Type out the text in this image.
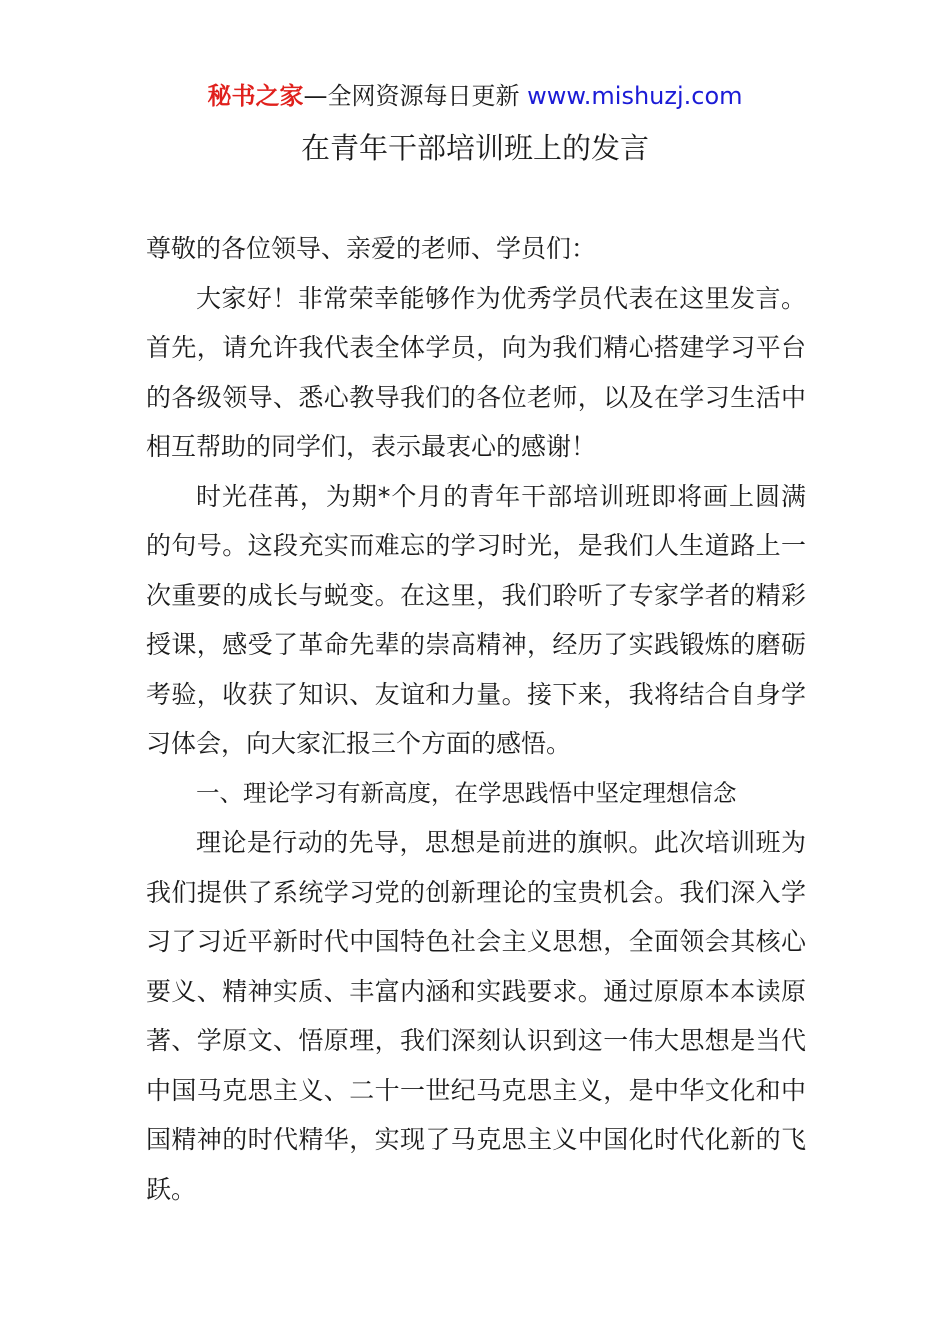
秘书之家—全网资源每日更新 www.mishuzj.com
在青年干部培训班上的发言

尊敬的各位领导、亲爱的老师、学员们：

大家好！非常荣幸能够作为优秀学员代表在这里发言。首先，请允许我代表全体学员，向为我们精心搭建学习平台的各级领导、悉心教导我们的各位老师，以及在学习生活中相互帮助的同学们，表示最衷心的感谢！

时光荏苒，为期*个月的青年干部培训班即将画上圆满的句号。这段充实而难忘的学习时光，是我们人生道路上一次重要的成长与蜕变。在这里，我们聆听了专家学者的精彩授课，感受了革命先辈的崇高精神，经历了实践锻炼的磨砺考验，收获了知识、友谊和力量。接下来，我将结合自身学习体会，向大家汇报三个方面的感悟。

一、理论学习有新高度，在学思践悟中坚定理想信念

理论是行动的先导，思想是前进的旗帜。此次培训班为我们提供了系统学习党的创新理论的宝贵机会。我们深入学习了习近平新时代中国特色社会主义思想，全面领会其核心要义、精神实质、丰富内涵和实践要求。通过原原本本读原著、学原文、悟原理，我们深刻认识到这一伟大思想是当代中国马克思主义、二十一世纪马克思主义，是中华文化和中国精神的时代精华，实现了马克思主义中国化时代化新的飞跃。
